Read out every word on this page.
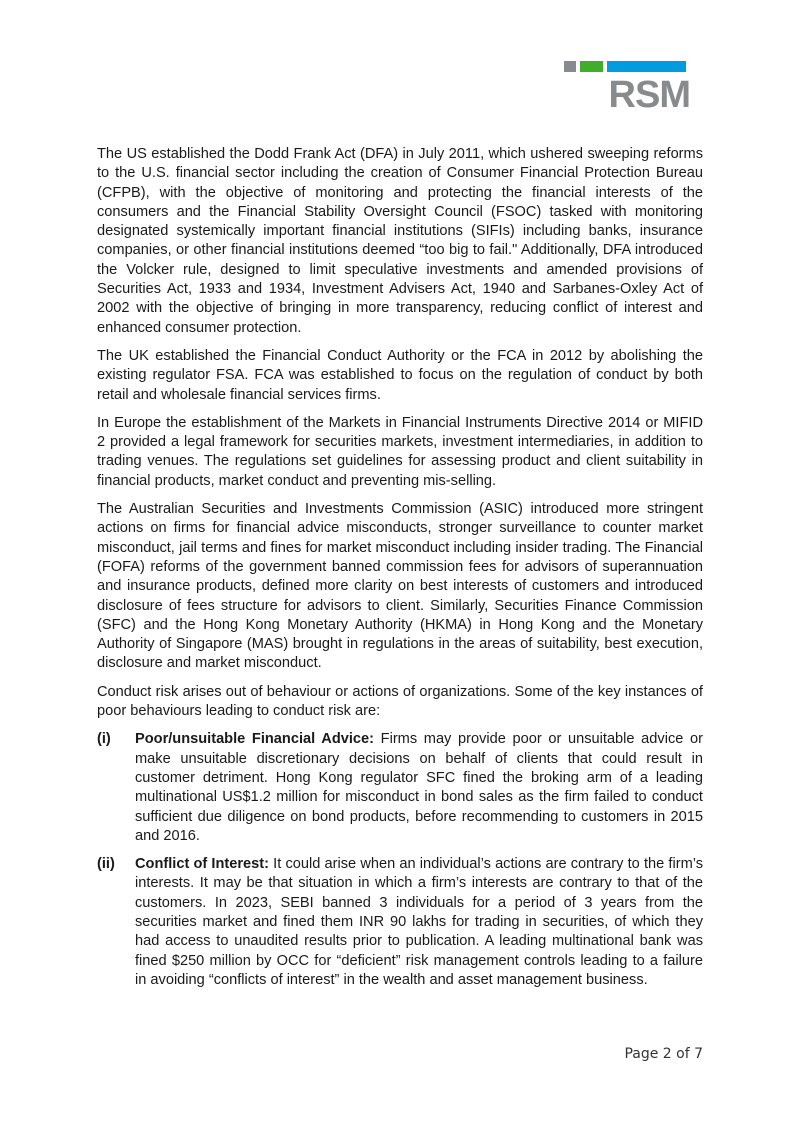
RSM

The US established the Dodd Frank Act (DFA) in July 2011, which ushered sweeping reforms to the U.S. financial sector including the creation of Consumer Financial Protection Bureau (CFPB), with the objective of monitoring and protecting the financial interests of the consumers and the Financial Stability Oversight Council (FSOC) tasked with monitoring designated systemically important financial institutions (SIFIs) including banks, insurance companies, or other financial institutions deemed “too big to fail." Additionally, DFA introduced the Volcker rule, designed to limit speculative investments and amended provisions of Securities Act, 1933 and 1934, Investment Advisers Act, 1940 and Sarbanes-Oxley Act of 2002 with the objective of bringing in more transparency, reducing conflict of interest and enhanced consumer protection.

The UK established the Financial Conduct Authority or the FCA in 2012 by abolishing the existing regulator FSA. FCA was established to focus on the regulation of conduct by both retail and wholesale financial services firms.

In Europe the establishment of the Markets in Financial Instruments Directive 2014 or MIFID 2 provided a legal framework for securities markets, investment intermediaries, in addition to trading venues. The regulations set guidelines for assessing product and client suitability in financial products, market conduct and preventing mis-selling.

The Australian Securities and Investments Commission (ASIC) introduced more stringent actions on firms for financial advice misconducts, stronger surveillance to counter market misconduct, jail terms and fines for market misconduct including insider trading. The Financial (FOFA) reforms of the government banned commission fees for advisors of superannuation and insurance products, defined more clarity on best interests of customers and introduced disclosure of fees structure for advisors to client. Similarly, Securities Finance Commission (SFC) and the Hong Kong Monetary Authority (HKMA) in Hong Kong and the Monetary Authority of Singapore (MAS) brought in regulations in the areas of suitability, best execution, disclosure and market misconduct.

Conduct risk arises out of behaviour or actions of organizations. Some of the key instances of poor behaviours leading to conduct risk are:

(i)	Poor/unsuitable Financial Advice: Firms may provide poor or unsuitable advice or make unsuitable discretionary decisions on behalf of clients that could result in customer detriment. Hong Kong regulator SFC fined the broking arm of a leading multinational US$1.2 million for misconduct in bond sales as the firm failed to conduct sufficient due diligence on bond products, before recommending to customers in 2015 and 2016.
(ii)	Conflict of Interest: It could arise when an individual’s actions are contrary to the firm’s interests. It may be that situation in which a firm’s interests are contrary to that of the customers. In 2023, SEBI banned 3 individuals for a period of 3 years from the securities market and fined them INR 90 lakhs for trading in securities, of which they had access to unaudited results prior to publication. A leading multinational bank was fined $250 million by OCC for “deficient” risk management controls leading to a failure in avoiding “conflicts of interest” in the wealth and asset management business.
Page 2 of 7
